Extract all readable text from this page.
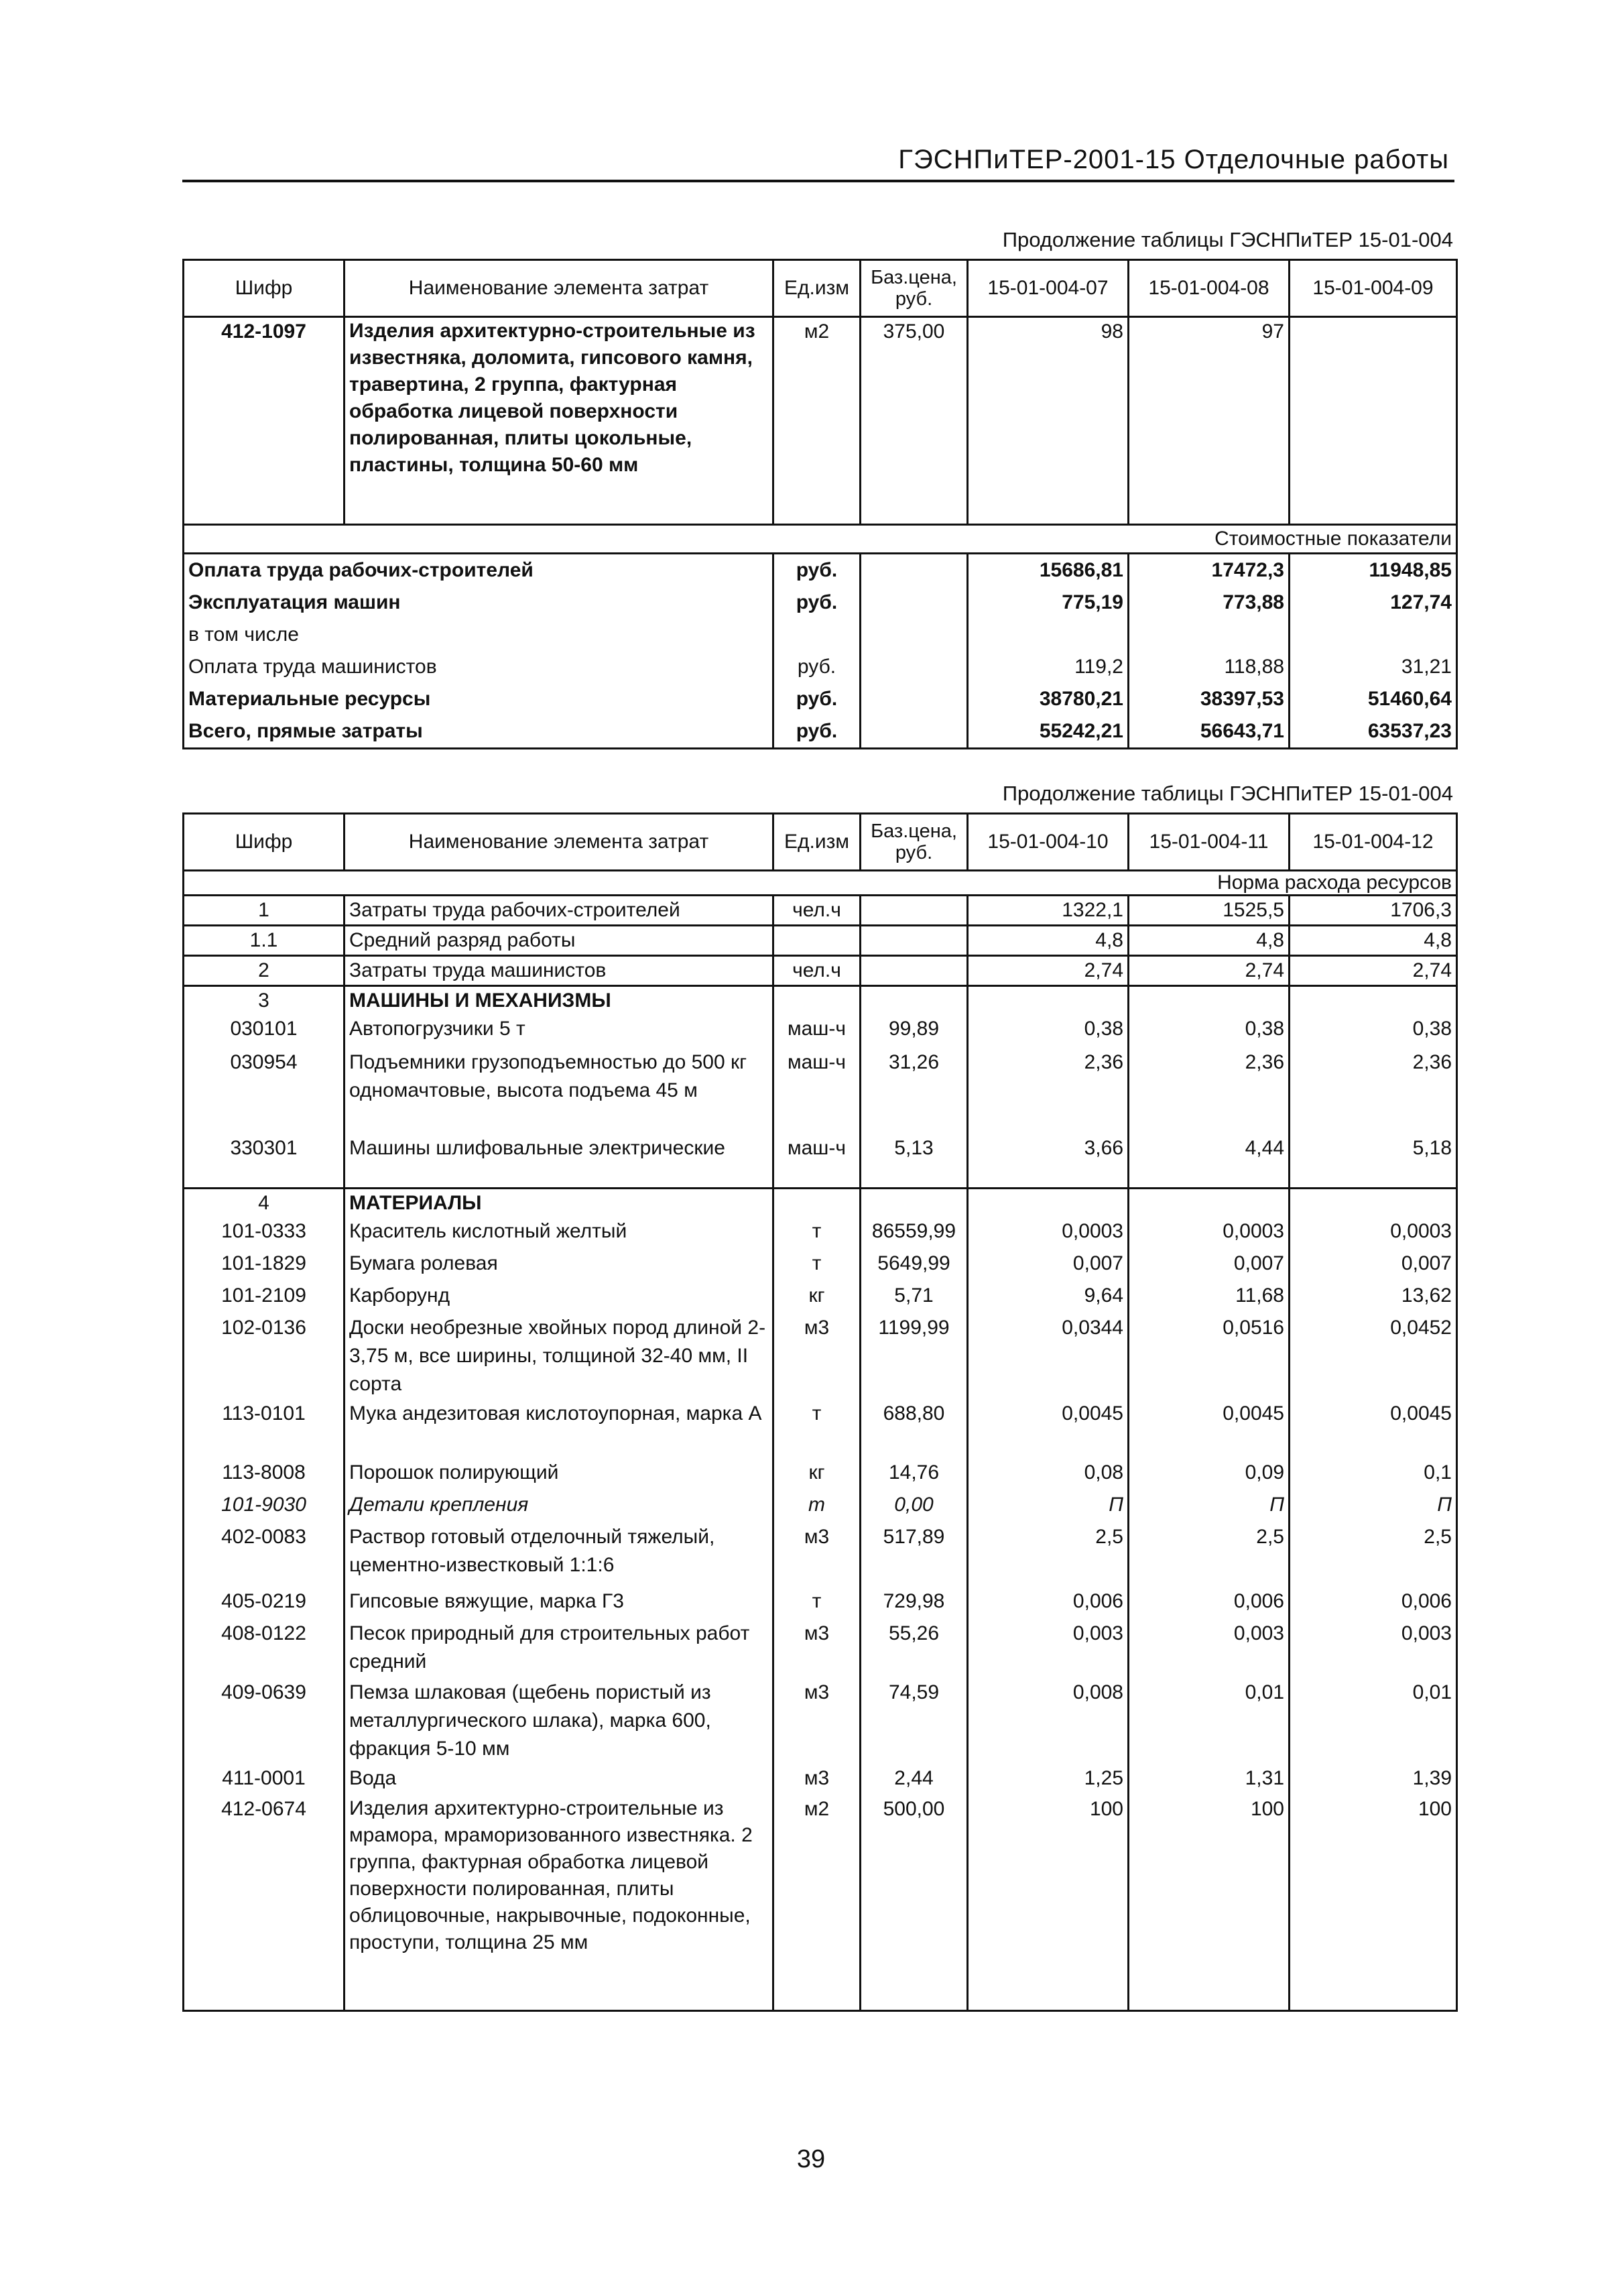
ГЭСНПиТЕР-2001-15 Отделочные работы
Продолжение таблицы ГЭСНПиТЕР 15-01-004
Шифр	Наименование элемента затрат	Ед.изм	Баз.цена, руб.	15-01-004-07	15-01-004-08	15-01-004-09
412-1097	Изделия архитектурно-строительные из известняка, доломита, гипсового камня, травертина, 2 группа, фактурная обработка лицевой поверхности полированная, плиты цокольные, пластины, толщина 50-60 мм	м2	375,00	98	97	
Стоимостные показатели						
Оплата труда рабочих-строителей		руб.		15686,81	17472,3	11948,85
Эксплуатация машин		руб.		775,19	773,88	127,74
в том числе						
Оплата труда машинистов		руб.		119,2	118,88	31,21
Материальные ресурсы		руб.		38780,21	38397,53	51460,64
Всего, прямые затраты		руб.		55242,21	56643,71	63537,23
Продолжение таблицы ГЭСНПиТЕР 15-01-004
Шифр	Наименование элемента затрат	Ед.изм	Баз.цена, руб.	15-01-004-10	15-01-004-11	15-01-004-12
Норма расхода ресурсов						
1	Затраты труда рабочих-строителей	чел.ч		1322,1	1525,5	1706,3
1.1	Средний разряд работы			4,8	4,8	4,8
2	Затраты труда машинистов	чел.ч		2,74	2,74	2,74
3	МАШИНЫ И МЕХАНИЗМЫ					
030101	Автопогрузчики 5 т	маш-ч	99,89	0,38	0,38	0,38
030954	Подъемники грузоподъемностью до 500 кг одномачтовые, высота подъема 45 м	маш-ч	31,26	2,36	2,36	2,36
330301	Машины шлифовальные электрические	маш-ч	5,13	3,66	4,44	5,18
4	МАТЕРИАЛЫ					
101-0333	Краситель кислотный желтый	т	86559,99	0,0003	0,0003	0,0003
101-1829	Бумага ролевая	т	5649,99	0,007	0,007	0,007
101-2109	Карборунд	кг	5,71	9,64	11,68	13,62
102-0136	Доски необрезные хвойных пород длиной 2-3,75 м, все ширины, толщиной 32-40 мм, II сорта	м3	1199,99	0,0344	0,0516	0,0452
113-0101	Мука андезитовая кислотоупорная, марка А	т	688,80	0,0045	0,0045	0,0045
113-8008	Порошок полирующий	кг	14,76	0,08	0,09	0,1
101-9030	Детали крепления	т	0,00	П	П	П
402-0083	Раствор готовый отделочный тяжелый, цементно-известковый 1:1:6	м3	517,89	2,5	2,5	2,5
405-0219	Гипсовые вяжущие, марка Г3	т	729,98	0,006	0,006	0,006
408-0122	Песок природный для строительных работ средний	м3	55,26	0,003	0,003	0,003
409-0639	Пемза шлаковая (щебень пористый из металлургического шлака), марка 600, фракция 5-10 мм	м3	74,59	0,008	0,01	0,01
411-0001	Вода	м3	2,44	1,25	1,31	1,39
412-0674	Изделия архитектурно-строительные из мрамора, мраморизованного известняка. 2 группа, фактурная обработка лицевой поверхности полированная, плиты облицовочные, накрывочные, подоконные, проступи, толщина 25 мм	м2	500,00	100	100	100
39
